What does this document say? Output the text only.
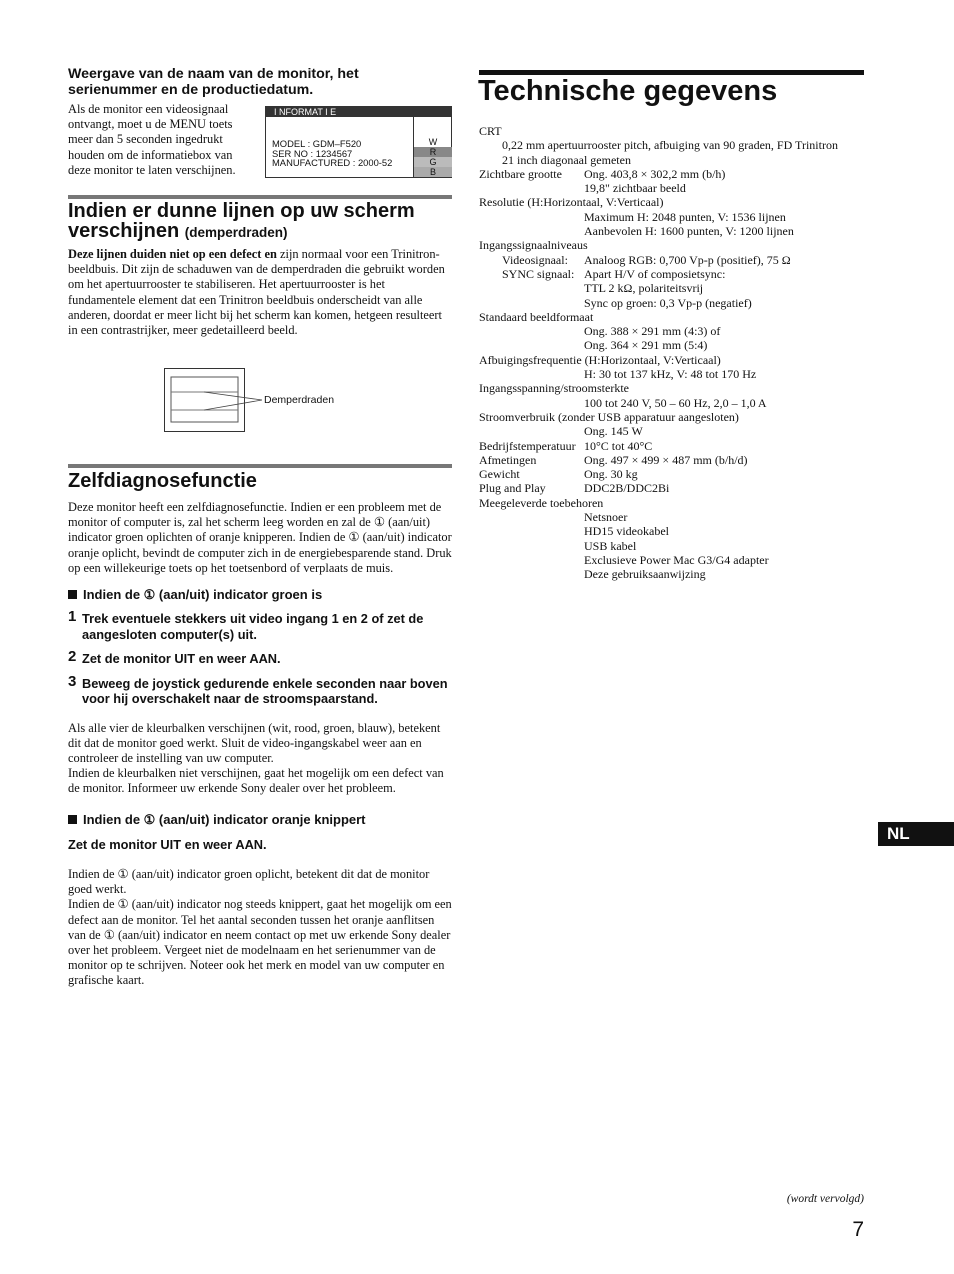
Weergave van de naam van de monitor, het serienummer en de productiedatum.

Als de monitor een videosignaal ontvangt, moet u de MENU toets meer dan 5 seconden ingedrukt houden om de informatiebox van deze monitor te laten verschijnen.

I NFORMAT I E
MODEL : GDM–F520
SER NO : 1234567
MANUFACTURED : 2000-52
W
R
G
B
Indien er dunne lijnen op uw scherm verschijnen (demperdraden)

Deze lijnen duiden niet op een defect en zijn normaal voor een Trinitron-beeldbuis. Dit zijn de schaduwen van de demperdraden die gebruikt worden om het apertuurrooster te stabiliseren. Het apertuurrooster is het fundamentele element dat een Trinitron beeldbuis onderscheidt van alle anderen, doordat er meer licht bij het scherm kan komen, hetgeen resulteert in een contrastrijker, meer gedetailleerd beeld.

Demperdraden
Zelfdiagnosefunctie

Deze monitor heeft een zelfdiagnosefunctie. Indien er een probleem met de monitor of computer is, zal het scherm leeg worden en zal de ① (aan/uit) indicator groen oplichten of oranje knipperen. Indien de ① (aan/uit) indicator oranje oplicht, bevindt de computer zich in de energiebesparende stand. Druk op een willekeurige toets op het toetsenbord of verplaats de muis.

Indien de ① (aan/uit) indicator groen is
1 Trek eventuele stekkers uit video ingang 1 en 2 of zet de aangesloten computer(s) uit.
2 Zet de monitor UIT en weer AAN.
3 Beweeg de joystick gedurende enkele seconden naar boven voor hij overschakelt naar de stroomspaarstand.

Als alle vier de kleurbalken verschijnen (wit, rood, groen, blauw), betekent dit dat de monitor goed werkt. Sluit de video-ingangskabel weer aan en controleer de instelling van uw computer.

Indien de kleurbalken niet verschijnen, gaat het mogelijk om een defect van de monitor. Informeer uw erkende Sony dealer over het probleem.

Indien de ① (aan/uit) indicator oranje knippert
Zet de monitor UIT en weer AAN.

Indien de ① (aan/uit) indicator groen oplicht, betekent dit dat de monitor goed werkt.

Indien de ① (aan/uit) indicator nog steeds knippert, gaat het mogelijk om een defect aan de monitor. Tel het aantal seconden tussen het oranje aanflitsen van de ① (aan/uit) indicator en neem contact op met uw erkende Sony dealer over het probleem. Vergeet niet de modelnaam en het serienummer van de monitor op te schrijven. Noteer ook het merk en model van uw computer en grafische kaart.

Technische gegevens
CRT
0,22 mm apertuurrooster pitch, afbuiging van 90 graden, FD Trinitron
21 inch diagonaal gemeten
Zichtbare grootte Ong. 403,8 × 302,2 mm (b/h)
19,8" zichtbaar beeld
Resolutie (H:Horizontaal, V:Verticaal)
Maximum H: 2048 punten, V: 1536 lijnen
Aanbevolen H: 1600 punten, V: 1200 lijnen
Ingangssignaalniveaus
Videosignaal: Analoog RGB: 0,700 Vp-p (positief), 75 Ω
SYNC signaal: Apart H/V of composietsync:
TTL 2 kΩ, polariteitsvrij
Sync op groen: 0,3 Vp-p (negatief)
Standaard beeldformaat
Ong. 388 × 291 mm (4:3) of
Ong. 364 × 291 mm (5:4)
Afbuigingsfrequentie (H:Horizontaal, V:Verticaal)
H: 30 tot 137 kHz, V: 48 tot 170 Hz
Ingangsspanning/stroomsterkte
100 tot 240 V, 50 – 60 Hz, 2,0 – 1,0 A
Stroomverbruik (zonder USB apparatuur aangesloten)
Ong. 145 W
Bedrijfstemperatuur 10°C tot 40°C
Afmetingen	Ong. 497 × 499 × 487 mm (b/h/d)
Gewicht	Ong. 30 kg
Plug and Play	DDC2B/DDC2Bi
Meegeleverde toebehoren
Netsnoer
HD15 videokabel
USB kabel
Exclusieve Power Mac G3/G4 adapter
Deze gebruiksaanwijzing
NL
(wordt vervolgd)
7
